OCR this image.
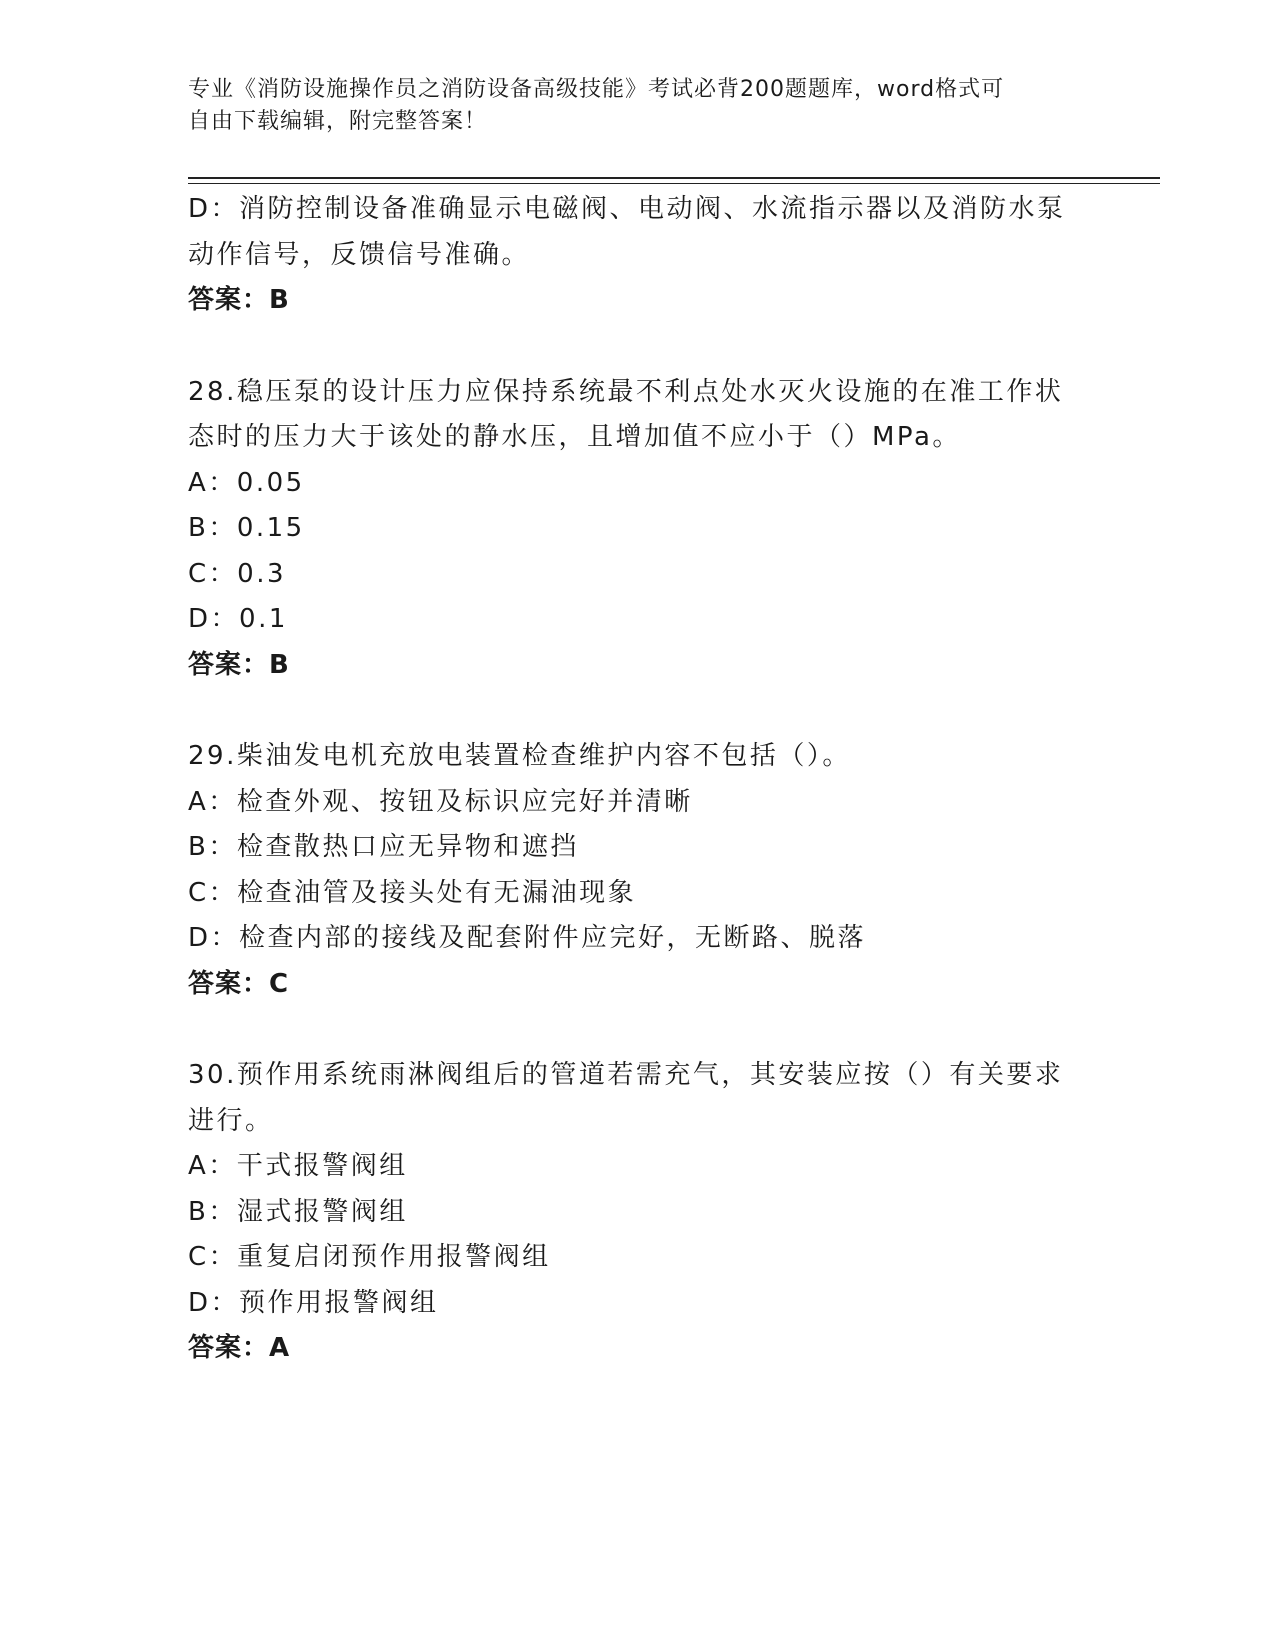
专业《消防设施操作员之消防设备高级技能》考试必背200题题库，word格式可
自由下载编辑，附完整答案！
D：消防控制设备准确显示电磁阀、电动阀、水流指示器以及消防水泵
动作信号，反馈信号准确。
答案：B
28.稳压泵的设计压力应保持系统最不利点处水灭火设施的在准工作状
态时的压力大于该处的静水压，且增加值不应小于（）MPa。
A：0.05
B：0.15
C：0.3
D：0.1
答案：B
29.柴油发电机充放电装置检查维护内容不包括（）。
A：检查外观、按钮及标识应完好并清晰
B：检查散热口应无异物和遮挡
C：检查油管及接头处有无漏油现象
D：检查内部的接线及配套附件应完好，无断路、脱落
答案：C
30.预作用系统雨淋阀组后的管道若需充气，其安装应按（）有关要求
进行。
A：干式报警阀组
B：湿式报警阀组
C：重复启闭预作用报警阀组
D：预作用报警阀组
答案：A
